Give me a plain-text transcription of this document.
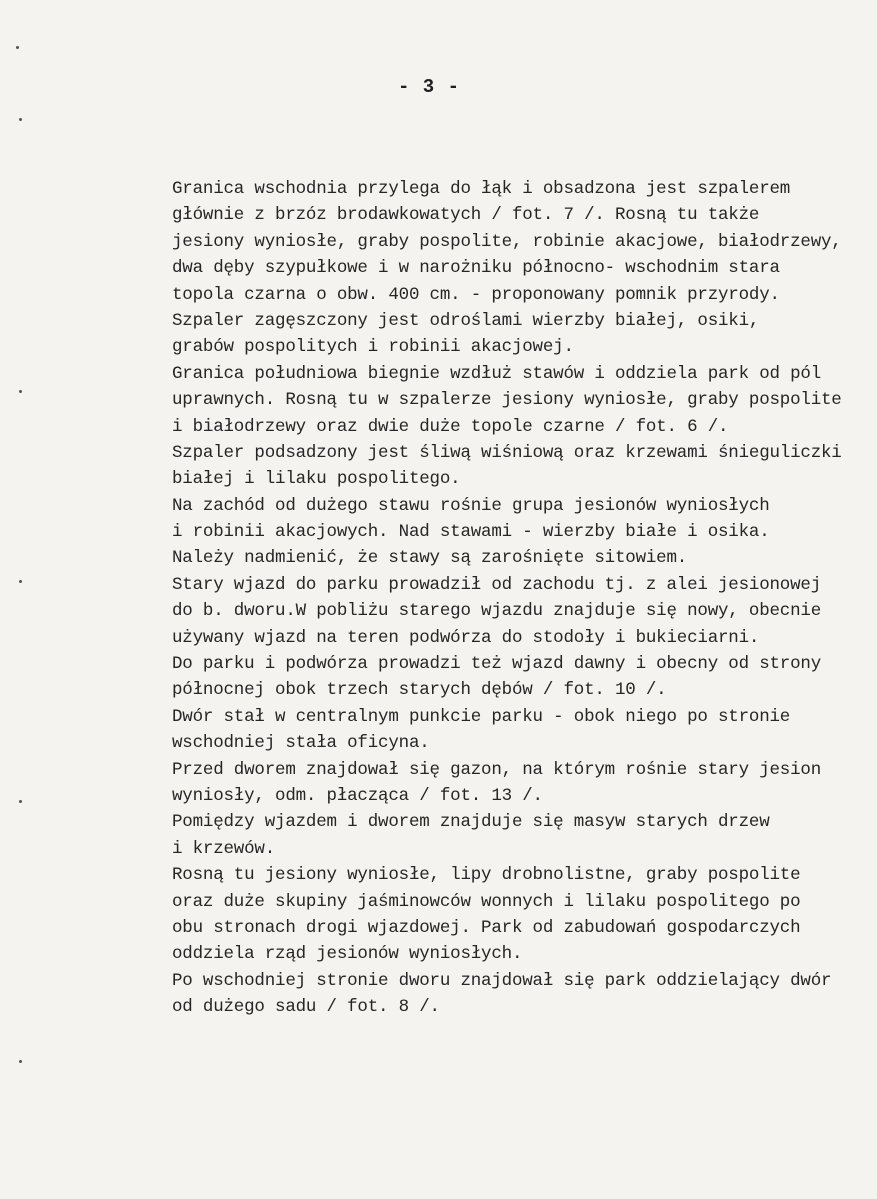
- 3 -
Granica wschodnia przylega do łąk i obsadzona jest szpalerem
głównie z brzóz brodawkowatych / fot. 7 /. Rosną tu także
jesiony wyniosłe, graby pospolite, robinie akacjowe, białodrzewy,
dwa dęby szypułkowe i w narożniku północno- wschodnim stara
topola czarna o obw. 400 cm. - proponowany pomnik przyrody.
Szpaler zagęszczony jest odroślami wierzby białej, osiki,
grabów pospolitych i robinii akacjowej.
Granica południowa biegnie wzdłuż stawów i oddziela park od pól
uprawnych. Rosną tu w szpalerze jesiony wyniosłe, graby pospolite
i białodrzewy oraz dwie duże topole czarne / fot. 6 /.
Szpaler podsadzony jest śliwą wiśniową oraz krzewami śnieguliczki
białej i lilaku pospolitego.
Na zachód od dużego stawu rośnie grupa jesionów wyniosłych
i robinii akacjowych. Nad stawami - wierzby białe i osika.
Należy nadmienić, że stawy są zarośnięte sitowiem.
Stary wjazd do parku prowadził od zachodu tj. z alei jesionowej
do b. dworu.W pobliżu starego wjazdu znajduje się nowy, obecnie
używany wjazd na teren podwórza do stodoły i bukieciarni.
Do parku i podwórza prowadzi też wjazd dawny i obecny od strony
północnej obok trzech starych dębów / fot. 10 /.
Dwór stał w centralnym punkcie parku - obok niego po stronie
wschodniej stała oficyna.
Przed dworem znajdował się gazon, na którym rośnie stary jesion
wyniosły, odm. płacząca / fot. 13 /.
Pomiędzy wjazdem i dworem znajduje się masyw starych drzew
i krzewów.
Rosną tu jesiony wyniosłe, lipy drobnolistne, graby pospolite
oraz duże skupiny jaśminowców wonnych i lilaku pospolitego po
obu stronach drogi wjazdowej. Park od zabudowań gospodarczych
oddziela rząd jesionów wyniosłych.
Po wschodniej stronie dworu znajdował się park oddzielający dwór
od dużego sadu / fot. 8 /.
